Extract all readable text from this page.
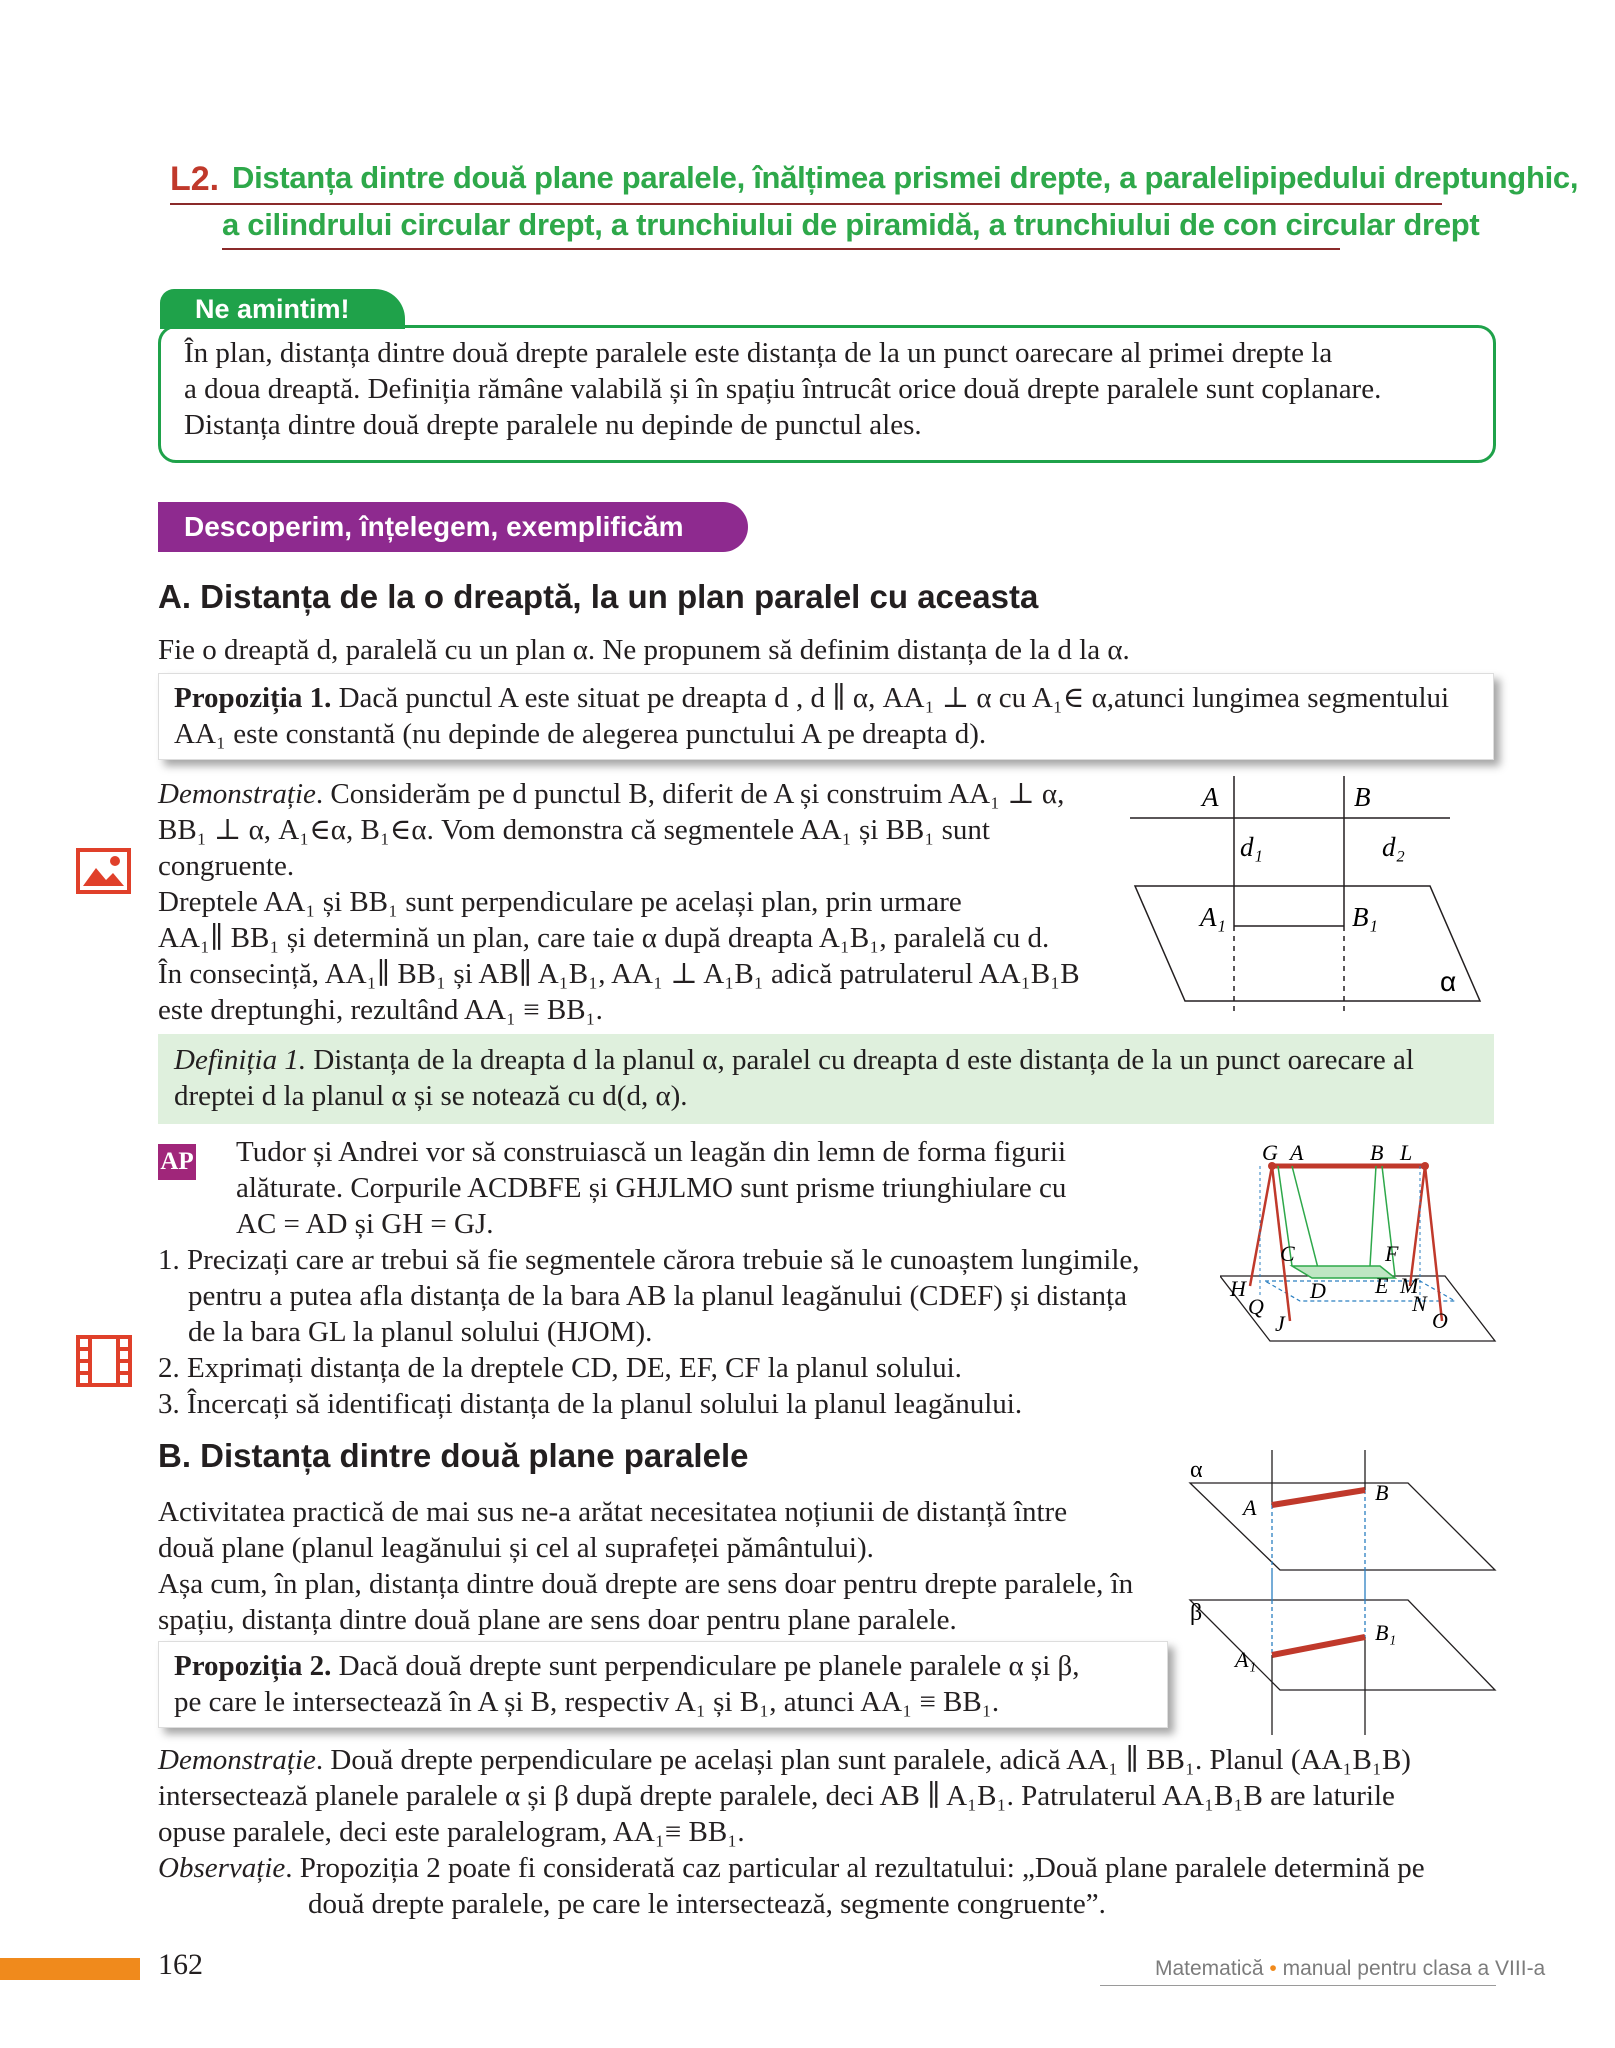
L2. Distanța dintre două plane paralele, înălțimea prismei drepte, a paralelipipedului dreptunghic,
a cilindrului circular drept, a trunchiului de piramidă, a trunchiului de con circular drept
Ne amintim!
În plan, distanța dintre două drepte paralele este distanța de la un punct oarecare al primei drepte la
a doua dreaptă. Definiția rămâne valabilă și în spațiu întrucât orice două drepte paralele sunt coplanare.
Distanța dintre două drepte paralele nu depinde de punctul ales.
Descoperim, înțelegem, exemplificăm
A. Distanța de la o dreaptă, la un plan paralel cu aceasta
Fie o dreaptă d, paralelă cu un plan α. Ne propunem să definim distanța de la d la α.
Propoziția 1. Dacă punctul A este situat pe dreapta d , d ∥ α, AA₁ ⊥ α cu A₁∈ α,atunci lungimea segmentului
AA₁ este constantă (nu depinde de alegerea punctului A pe dreapta d).
Demonstrație. Considerăm pe d punctul B, diferit de A și construim AA₁ ⊥ α,
BB₁ ⊥ α, A₁∈α, B₁∈α. Vom demonstra că segmentele AA₁ și BB₁ sunt
congruente.
Dreptele AA₁ și BB₁ sunt perpendiculare pe același plan, prin urmare
AA₁∥ BB₁ și determină un plan, care taie α după dreapta A₁B₁, paralelă cu d.
În consecință, AA₁∥ BB₁ și AB∥ A₁B₁, AA₁ ⊥ A₁B₁ adică patrulaterul AA₁B₁B
este dreptunghi, rezultând AA₁ ≡ BB₁.
A	B
d₁	d₂
A₁	B₁
α
Definiția 1. Distanța de la dreapta d la planul α, paralel cu dreapta d este distanța de la un punct oarecare al
dreptei d la planul α și se notează cu d(d, α).
AP Tudor și Andrei vor să construiască un leagăn din lemn de forma figurii
alăturate. Corpurile ACDBFE și GHJLMO sunt prisme triunghiulare cu
AC = AD și GH = GJ.
1. Precizați care ar trebui să fie segmentele cărora trebuie să le cunoaștem lungimile,
pentru a putea afla distanța de la bara AB la planul leagănului (CDEF) și distanța
de la bara GL la planul solului (HJOM).
2. Exprimați distanța de la dreptele CD, DE, EF, CF la planul solului.
3. Încercați să identificați distanța de la planul solului la planul leagănului.
G A	B L
C	F
H	D E M
Q	N
J	O
B. Distanța dintre două plane paralele
Activitatea practică de mai sus ne-a arătat necesitatea noțiunii de distanță între
două plane (planul leagănului și cel al suprafeței pământului).
Așa cum, în plan, distanța dintre două drepte are sens doar pentru drepte paralele, în
spațiu, distanța dintre două plane are sens doar pentru plane paralele.
Propoziția 2. Dacă două drepte sunt perpendiculare pe planele paralele α și β,
pe care le intersectează în A și B, respectiv A₁ și B₁, atunci AA₁ ≡ BB₁.
α
β
A
B
A₁
B₁
Demonstrație. Două drepte perpendiculare pe același plan sunt paralele, adică AA₁ ∥ BB₁. Planul (AA₁B₁B)
intersectează planele paralele α și β după drepte paralele, deci AB ∥ A₁B₁. Patrulaterul AA₁B₁B are laturile
opuse paralele, deci este paralelogram, AA₁≡ BB₁.
Observație. Propoziția 2 poate fi considerată caz particular al rezultatului: „Două plane paralele determină pe
două drepte paralele, pe care le intersectează, segmente congruente”.
162	Matematică • manual pentru clasa a VIII-a
